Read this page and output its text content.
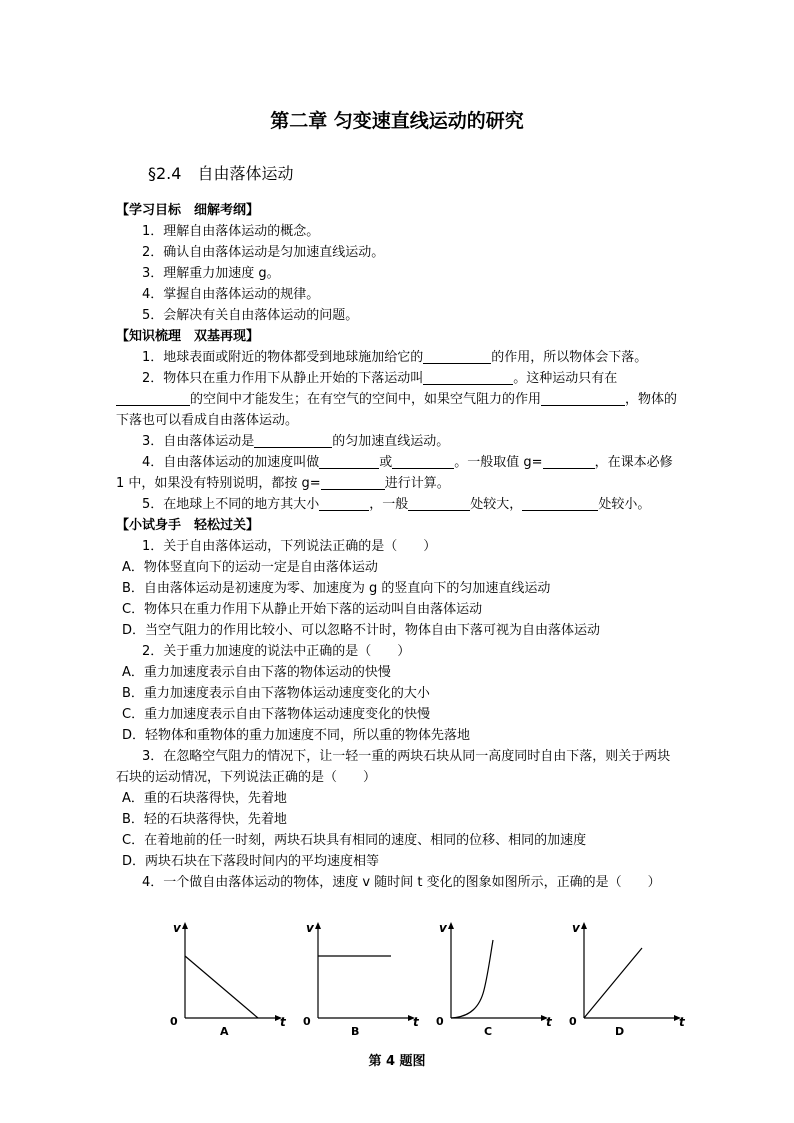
第二章 匀变速直线运动的研究
§2.4　自由落体运动

【学习目标　细解考纲】

1．理解自由落体运动的概念。

2．确认自由落体运动是匀加速直线运动。

3．理解重力加速度 g。

4．掌握自由落体运动的规律。

5．会解决有关自由落体运动的问题。

【知识梳理　双基再现】

1．地球表面或附近的物体都受到地球施加给它的	的作用，所以物体会下落。

2．物体只在重力作用下从静止开始的下落运动叫	。这种运动只有在
的空间中才能发生；在有空气的空间中，如果空气阻力的作用	，物体的下落也可以看成自由落体运动。

3．自由落体运动是	的匀加速直线运动。

4．自由落体运动的加速度叫做	或	。一般取值 g=	，在课本必修 1 中，如果没有特别说明，都按 g=	进行计算。

5．在地球上不同的地方其大小	，一般	处较大，	处较小。

【小试身手　轻松过关】

1．关于自由落体运动，下列说法正确的是（　　）

A．物体竖直向下的运动一定是自由落体运动

B．自由落体运动是初速度为零、加速度为 g 的竖直向下的匀加速直线运动

C．物体只在重力作用下从静止开始下落的运动叫自由落体运动

D．当空气阻力的作用比较小、可以忽略不计时，物体自由下落可视为自由落体运动

2．关于重力加速度的说法中正确的是（　　）

A．重力加速度表示自由下落的物体运动的快慢

B．重力加速度表示自由下落物体运动速度变化的大小

C．重力加速度表示自由下落物体运动速度变化的快慢

D．轻物体和重物体的重力加速度不同，所以重的物体先落地

3．在忽略空气阻力的情况下，让一轻一重的两块石块从同一高度同时自由下落，则关于两块石块的运动情况，下列说法正确的是（　　）

A．重的石块落得快，先着地

B．轻的石块落得快，先着地

C．在着地前的任一时刻，两块石块具有相同的速度、相同的位移、相同的加速度

D．两块石块在下落段时间内的平均速度相等

4．一个做自由落体运动的物体，速度 v 随时间 t 变化的图象如图所示，正确的是（　　）

v
t
0
A
v
t
0
B
v
t
0
C
v
t
0
D
第 4 题图
